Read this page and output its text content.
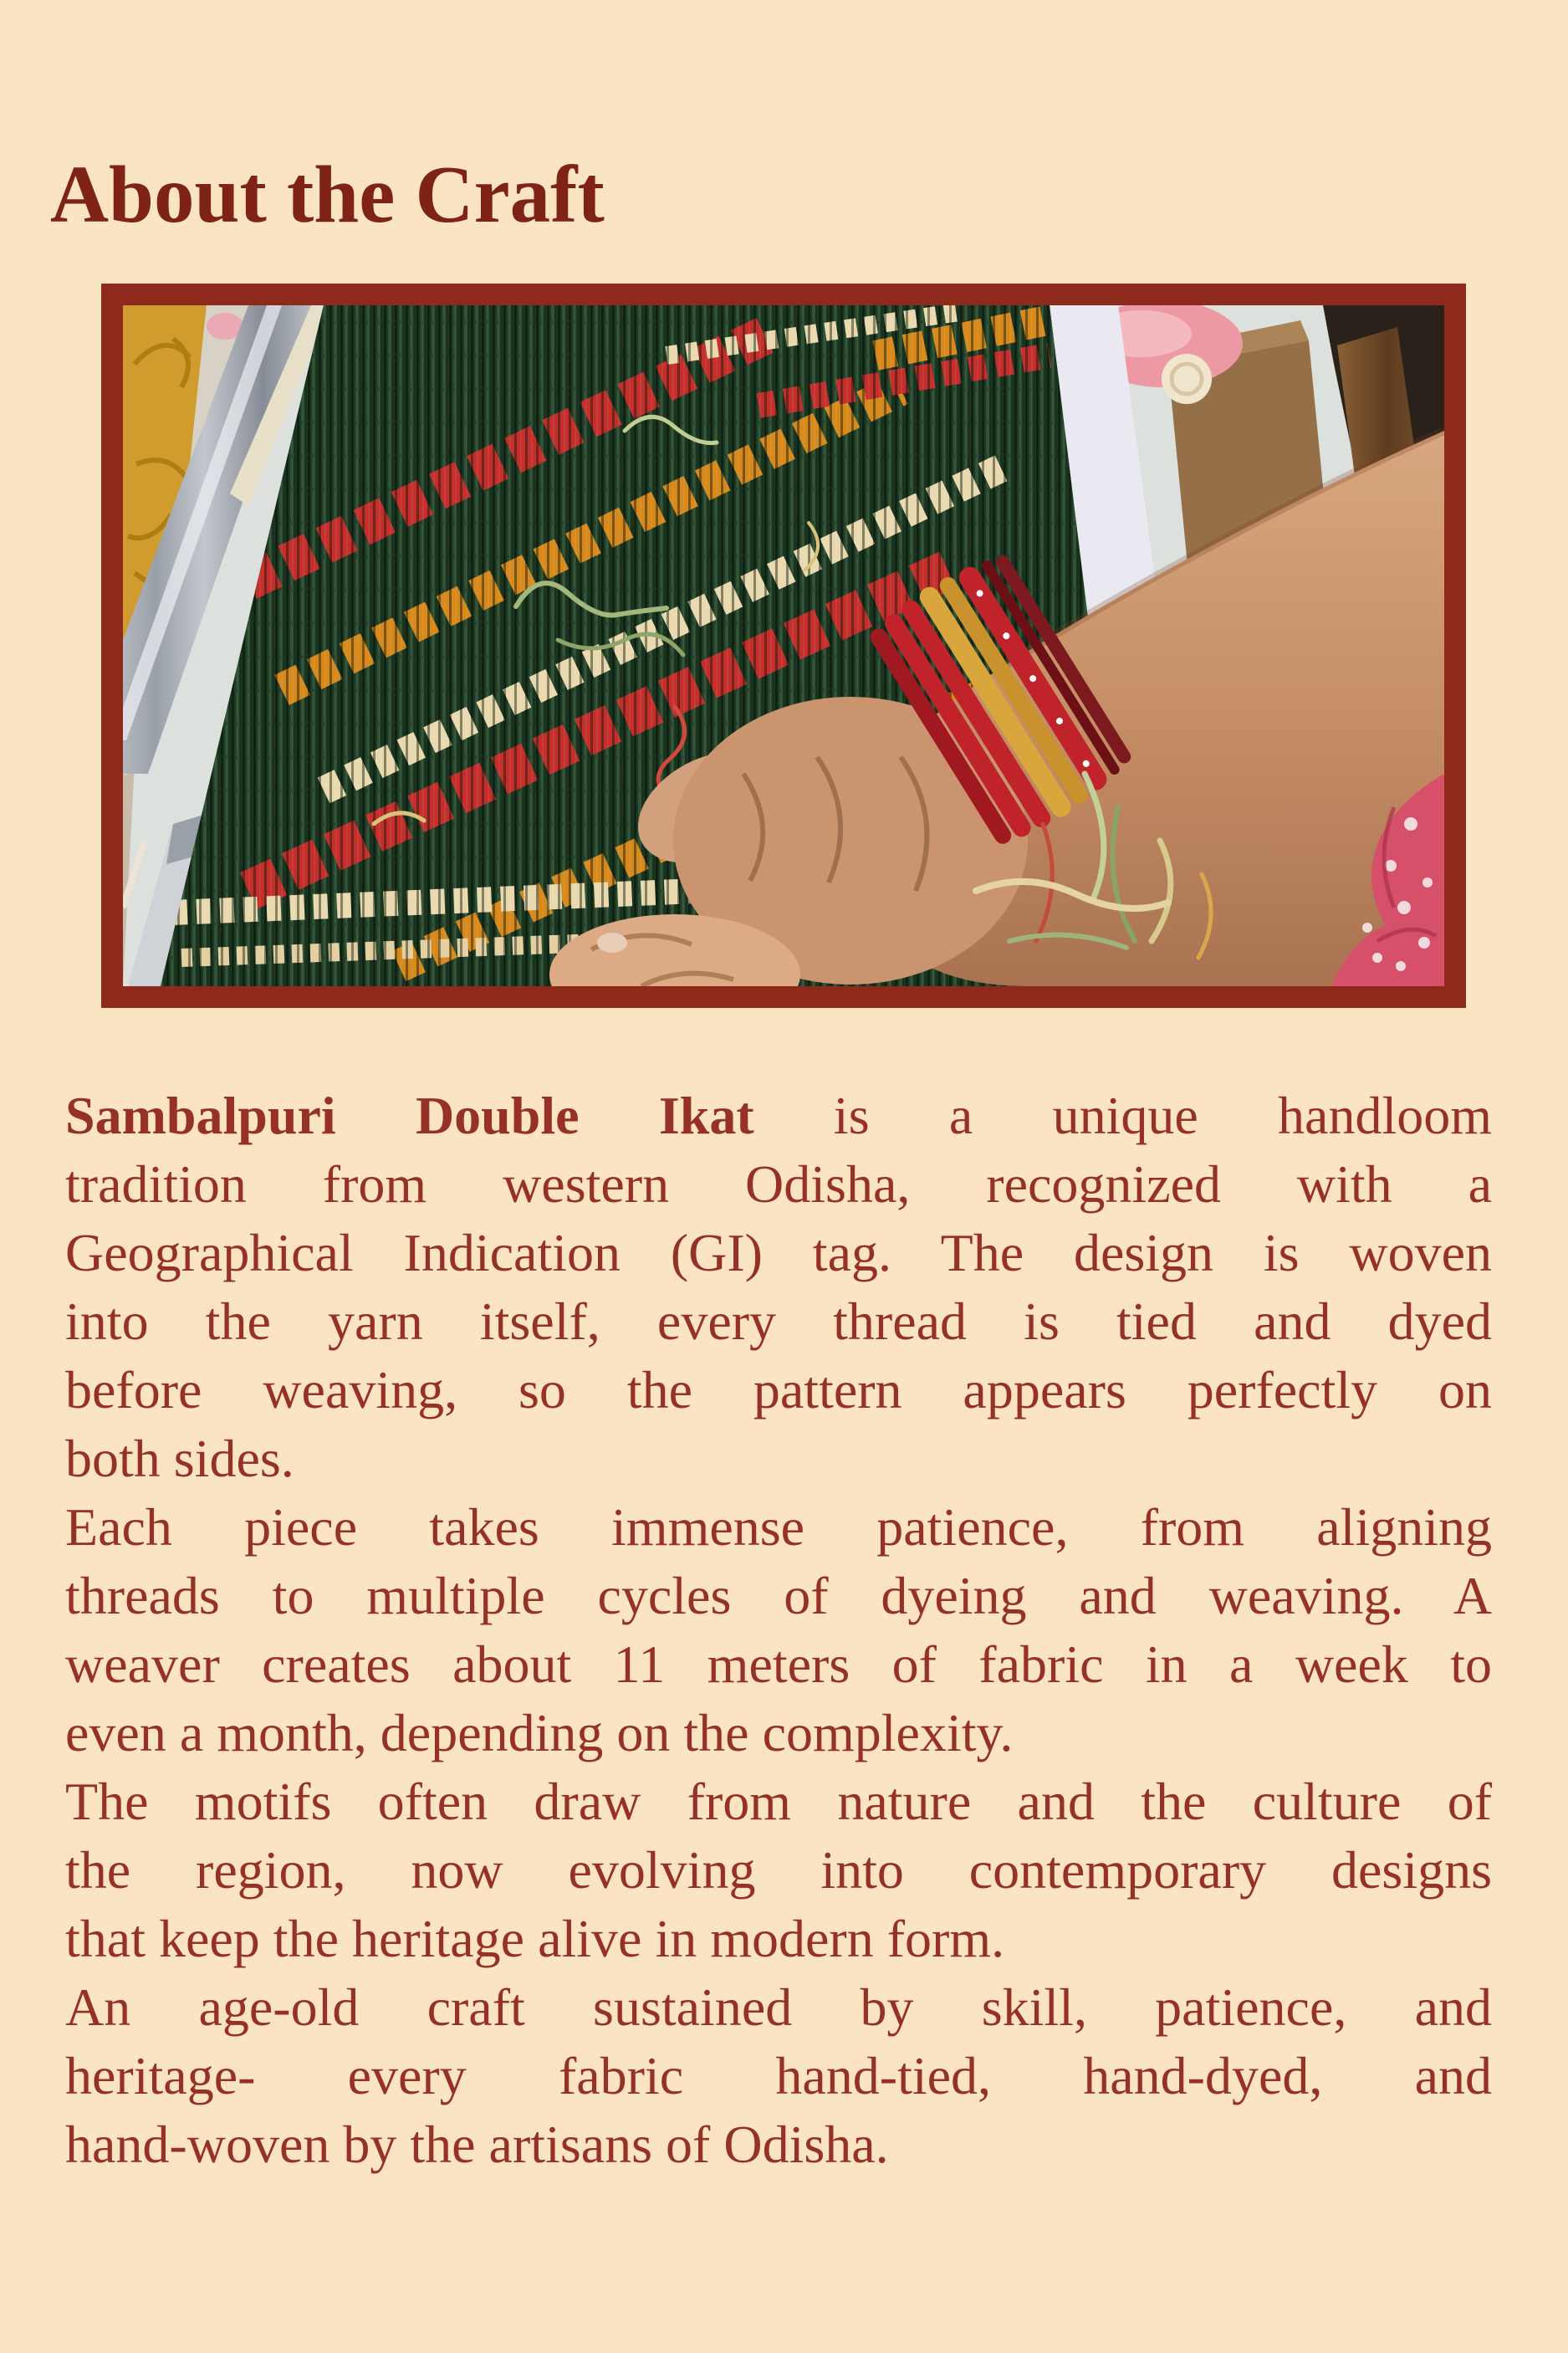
About the Craft
Sambalpuri Double Ikat is a unique handloom
tradition from western Odisha, recognized with a
Geographical Indication (GI) tag. The design is woven
into the yarn itself, every thread is tied and dyed
before weaving, so the pattern appears perfectly on
both sides.
Each piece takes immense patience, from aligning
threads to multiple cycles of dyeing and weaving. A
weaver creates about 11 meters of fabric in a week to
even a month, depending on the complexity.
The motifs often draw from nature and the culture of
the region, now evolving into contemporary designs
that keep the heritage alive in modern form.
An age-old craft sustained by skill, patience, and
heritage- every fabric hand-tied, hand-dyed, and
hand-woven by the artisans of Odisha.
